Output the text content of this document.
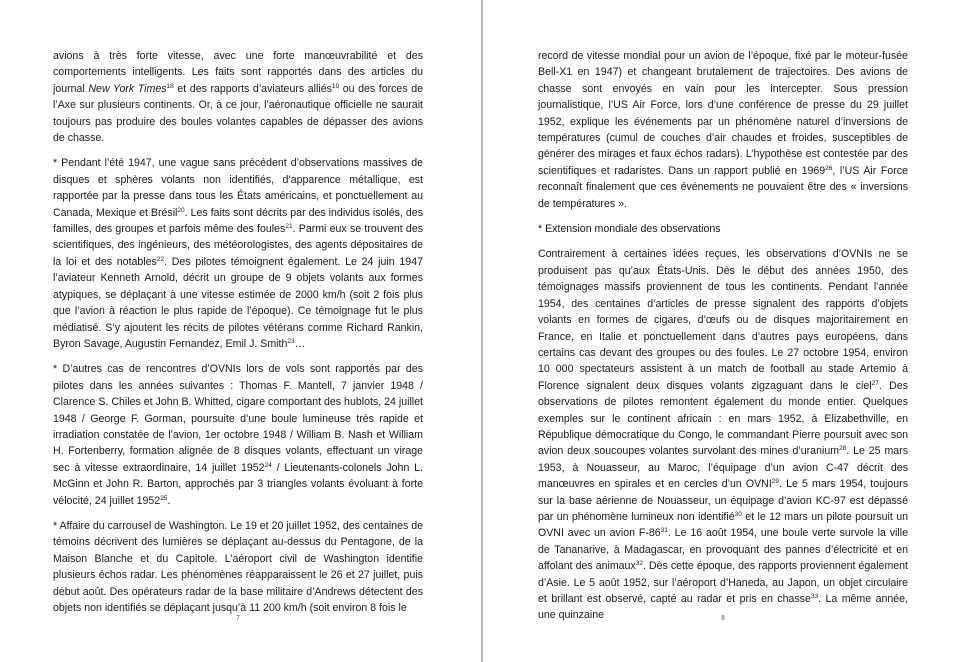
avions à très forte vitesse, avec une forte manœuvrabilité et des comportements intelligents. Les faits sont rapportés dans des articles du journal New York Times$^{18}$ et des rapports d’aviateurs alliés$^{19}$ ou des forces de l’Axe sur plusieurs continents. Or, à ce jour, l’aéronautique officielle ne saurait toujours pas produire des boules volantes capables de dépasser des avions de chasse.

* Pendant l’été 1947, une vague sans précédent d’observations massives de disques et sphères volants non identifiés, d’apparence métallique, est rapportée par la presse dans tous les États américains, et ponctuellement au Canada, Mexique et Brésil$^{20}$. Les faits sont décrits par des individus isolés, des familles, des groupes et parfois même des foules$^{21}$. Parmi eux se trouvent des scientifiques, des ingénieurs, des météorologistes, des agents dépositaires de la loi et des notables$^{22}$. Des pilotes témoignent également. Le 24 juin 1947 l’aviateur Kenneth Arnold, décrit un groupe de 9 objets volants aux formes atypiques, se déplaçant à une vitesse estimée de 2000 km/h (soit 2 fois plus que l’avion à réaction le plus rapide de l’époque). Ce témoignage fut le plus médiatisé. S’y ajoutent les récits de pilotes vétérans comme Richard Rankin, Byron Savage, Augustin Fernandez, Emil J. Smith$^{23}$…

* D’autres cas de rencontres d’OVNIs lors de vols sont rapportés par des pilotes dans les années suivantes : Thomas F. Mantell, 7 janvier 1948 / Clarence S. Chiles et John B. Whitted, cigare comportant des hublots, 24 juillet 1948 / George F. Gorman, poursuite d’une boule lumineuse très rapide et irradiation constatée de l’avion, 1er octobre 1948 / William B. Nash et William H. Fortenberry, formation alignée de 8 disques volants, effectuant un virage sec à vitesse extraordinaire, 14 juillet 1952$^{24}$ / Lieutenants-colonels John L. McGinn et John R. Barton, approchés par 3 triangles volants évoluant à forte vélocité, 24 juillet 1952$^{25}$.

* Affaire du carrousel de Washington. Le 19 et 20 juillet 1952, des centaines de témoins décrivent des lumières se déplaçant au-dessus du Pentagone, de la Maison Blanche et du Capitole. L’aéroport civil de Washington identifie plusieurs échos radar. Les phénomènes réapparaissent le 26 et 27 juillet, puis début août. Des opérateurs radar de la base militaire d’Andrews détectent des objets non identifiés se déplaçant jusqu’à 11 200 km/h (soit environ 8 fois le

record de vitesse mondial pour un avion de l’époque, fixé par le moteur-fusée Bell-X1 en 1947) et changeant brutalement de trajectoires. Des avions de chasse sont envoyés en vain pour les intercepter. Sous pression journalistique, l’US Air Force, lors d’une conférence de presse du 29 juillet 1952, explique les événements par un phénomène naturel d’inversions de températures (cumul de couches d’air chaudes et froides, susceptibles de générer des mirages et faux échos radars). L’hypothèse est contestée par des scientifiques et radaristes. Dans un rapport publié en 1969$^{26}$, l’US Air Force reconnaît finalement que ces événements ne pouvaient être des « inversions de températures ».

* Extension mondiale des observations

Contrairement à certaines idées reçues, les observations d’OVNIs ne se produisent pas qu’aux États-Unis. Dès le début des années 1950, des témoignages massifs proviennent de tous les continents. Pendant l’année 1954, des centaines d’articles de presse signalent des rapports d’objets volants en formes de cigares, d’œufs ou de disques majoritairement en France, en Italie et ponctuellement dans d’autres pays européens, dans certains cas devant des groupes ou des foules. Le 27 octobre 1954, environ 10 000 spectateurs assistent à un match de football au stade Artemio à Florence signalent deux disques volants zigzaguant dans le ciel$^{27}$. Des observations de pilotes remontent également du monde entier. Quelques exemples sur le continent africain : en mars 1952, à Elizabethville, en République démocratique du Congo, le commandant Pierre poursuit avec son avion deux soucoupes volantes survolant des mines d’uranium$^{28}$. Le 25 mars 1953, à Nouasseur, au Maroc, l’équipage d’un avion C-47 décrit des manœuvres en spirales et en cercles d’un OVNI$^{29}$. Le 5 mars 1954, toujours sur la base aérienne de Nouasseur, un équipage d’avion KC-97 est dépassé par un phénomène lumineux non identifié$^{30}$ et le 12 mars un pilote poursuit un OVNI avec un avion $F-86^{31}$. Le 16 août 1954, une boule verte survole la ville de Tananarive, à Madagascar, en provoquant des pannes d’électricité et en affolant des animaux$^{32}$. Dès cette époque, des rapports proviennent également d’Asie. Le 5 août 1952, sur l’aéroport d’Haneda, au Japon, un objet circulaire et brillant est observé, capté au radar et pris en chasse$^{33}$. La même année, une quinzaine

7	8
